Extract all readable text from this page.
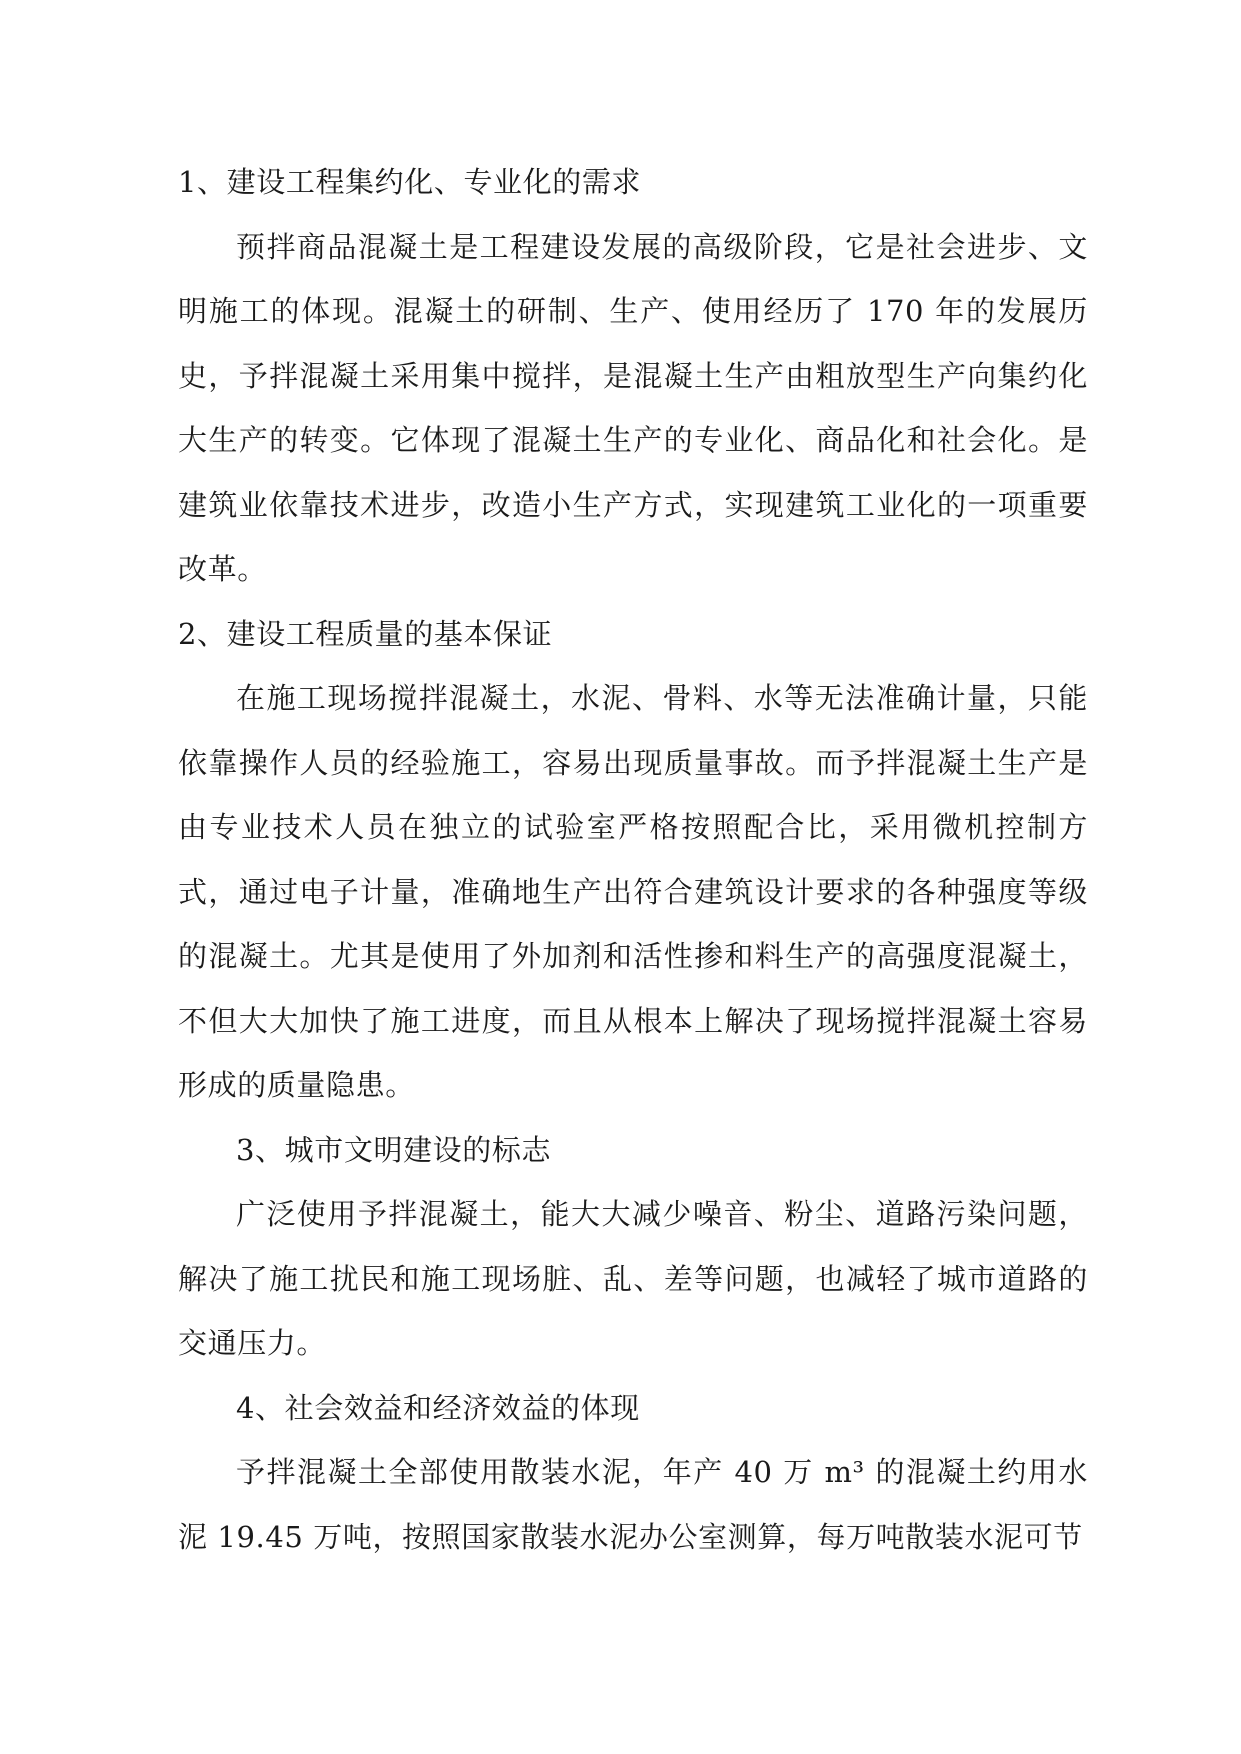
1、建设工程集约化、专业化的需求

预拌商品混凝土是工程建设发展的高级阶段，它是社会进步、文明施工的体现。混凝土的研制、生产、使用经历了 170 年的发展历史，予拌混凝土采用集中搅拌，是混凝土生产由粗放型生产向集约化大生产的转变。它体现了混凝土生产的专业化、商品化和社会化。是建筑业依靠技术进步，改造小生产方式，实现建筑工业化的一项重要改革。

2、建设工程质量的基本保证

在施工现场搅拌混凝土，水泥、骨料、水等无法准确计量，只能依靠操作人员的经验施工，容易出现质量事故。而予拌混凝土生产是由专业技术人员在独立的试验室严格按照配合比，采用微机控制方式，通过电子计量，准确地生产出符合建筑设计要求的各种强度等级的混凝土。尤其是使用了外加剂和活性掺和料生产的高强度混凝土，不但大大加快了施工进度，而且从根本上解决了现场搅拌混凝土容易形成的质量隐患。

3、城市文明建设的标志

广泛使用予拌混凝土，能大大减少噪音、粉尘、道路污染问题，解决了施工扰民和施工现场脏、乱、差等问题，也减轻了城市道路的交通压力。

4、社会效益和经济效益的体现

予拌混凝土全部使用散装水泥，年产 40 万 m³ 的混凝土约用水泥 19.45 万吨，按照国家散装水泥办公室测算，每万吨散装水泥可节
